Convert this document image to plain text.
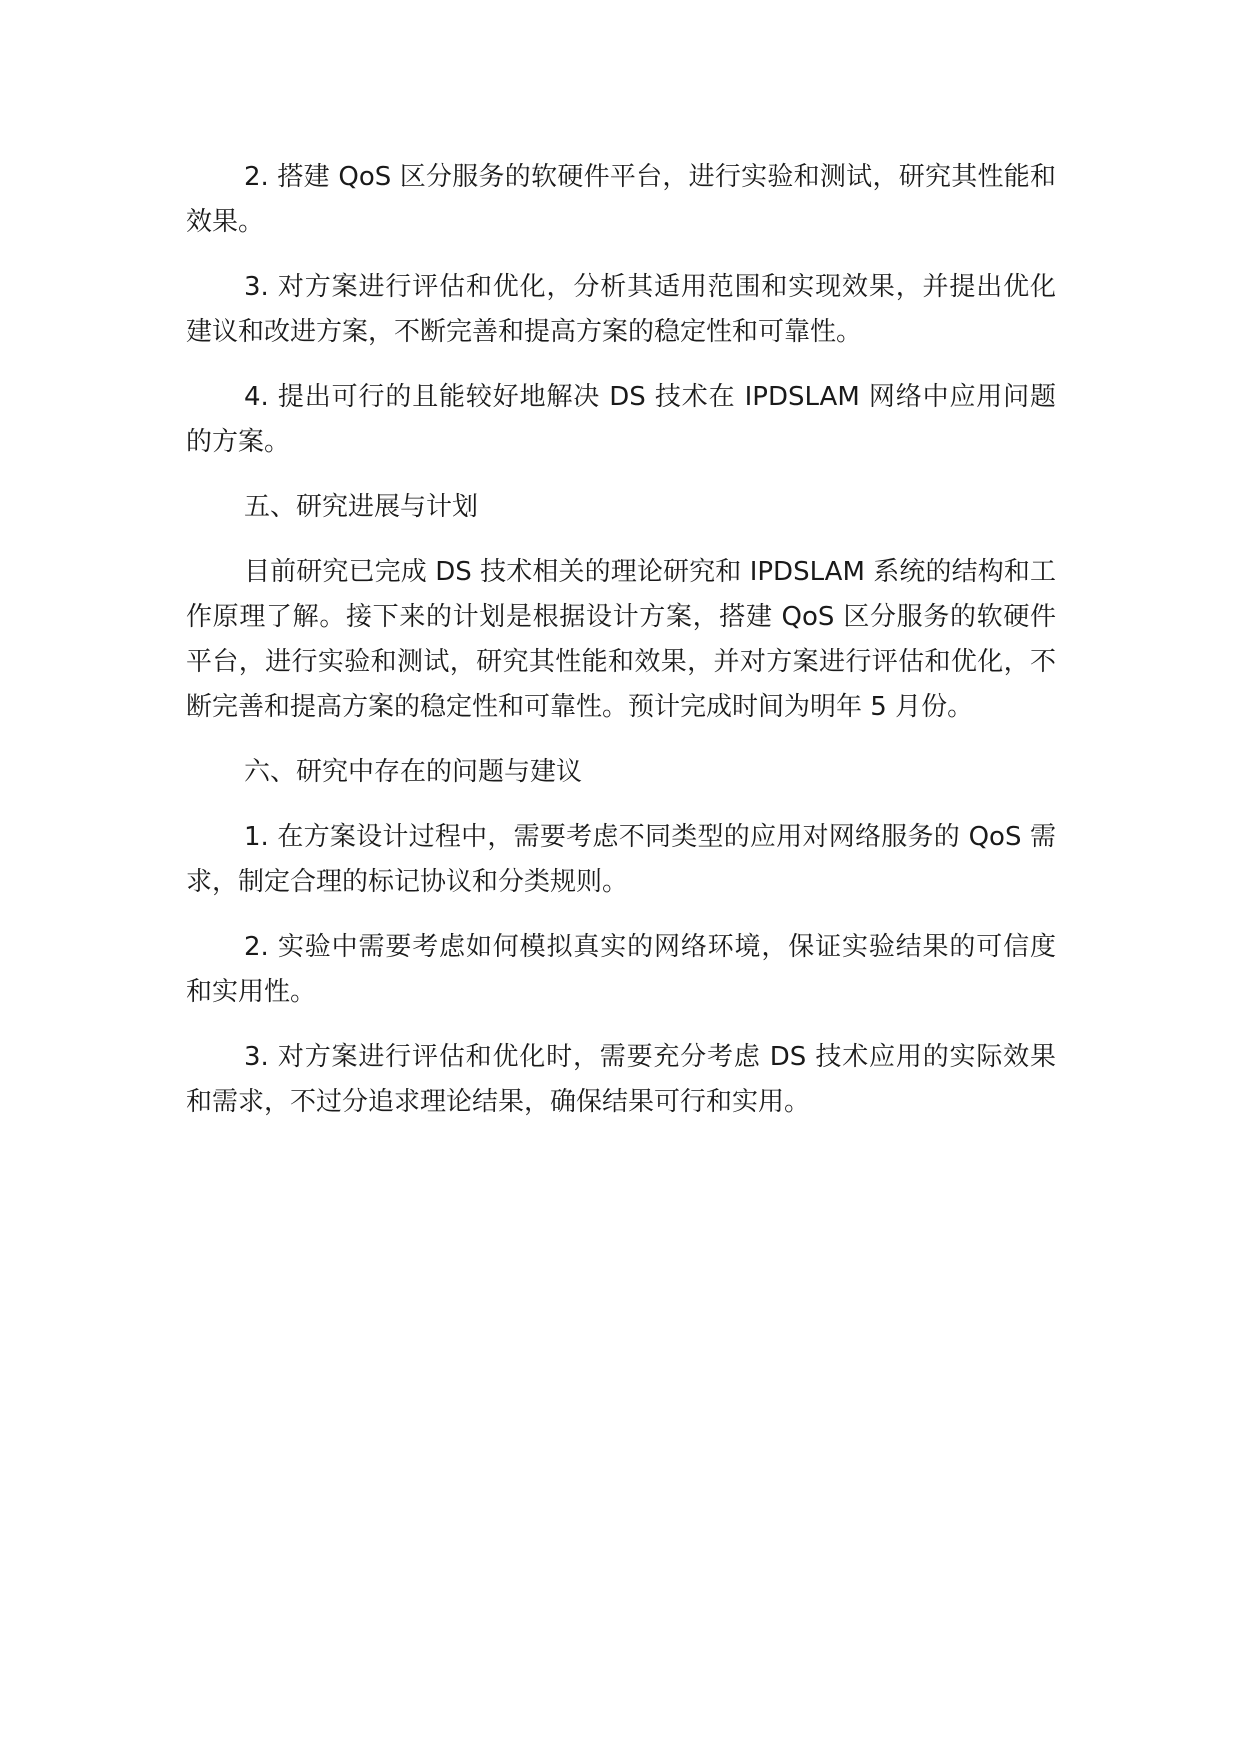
2. 搭建 QoS 区分服务的软硬件平台，进行实验和测试，研究其性能和效果。

3. 对方案进行评估和优化，分析其适用范围和实现效果，并提出优化建议和改进方案，不断完善和提高方案的稳定性和可靠性。

4. 提出可行的且能较好地解决 DS 技术在 IPDSLAM 网络中应用问题的方案。

五、研究进展与计划

目前研究已完成 DS 技术相关的理论研究和 IPDSLAM 系统的结构和工作原理了解。接下来的计划是根据设计方案，搭建 QoS 区分服务的软硬件平台，进行实验和测试，研究其性能和效果，并对方案进行评估和优化，不断完善和提高方案的稳定性和可靠性。预计完成时间为明年 5 月份。

六、研究中存在的问题与建议

1. 在方案设计过程中，需要考虑不同类型的应用对网络服务的 QoS 需求，制定合理的标记协议和分类规则。

2. 实验中需要考虑如何模拟真实的网络环境，保证实验结果的可信度和实用性。

3. 对方案进行评估和优化时，需要充分考虑 DS 技术应用的实际效果和需求，不过分追求理论结果，确保结果可行和实用。
